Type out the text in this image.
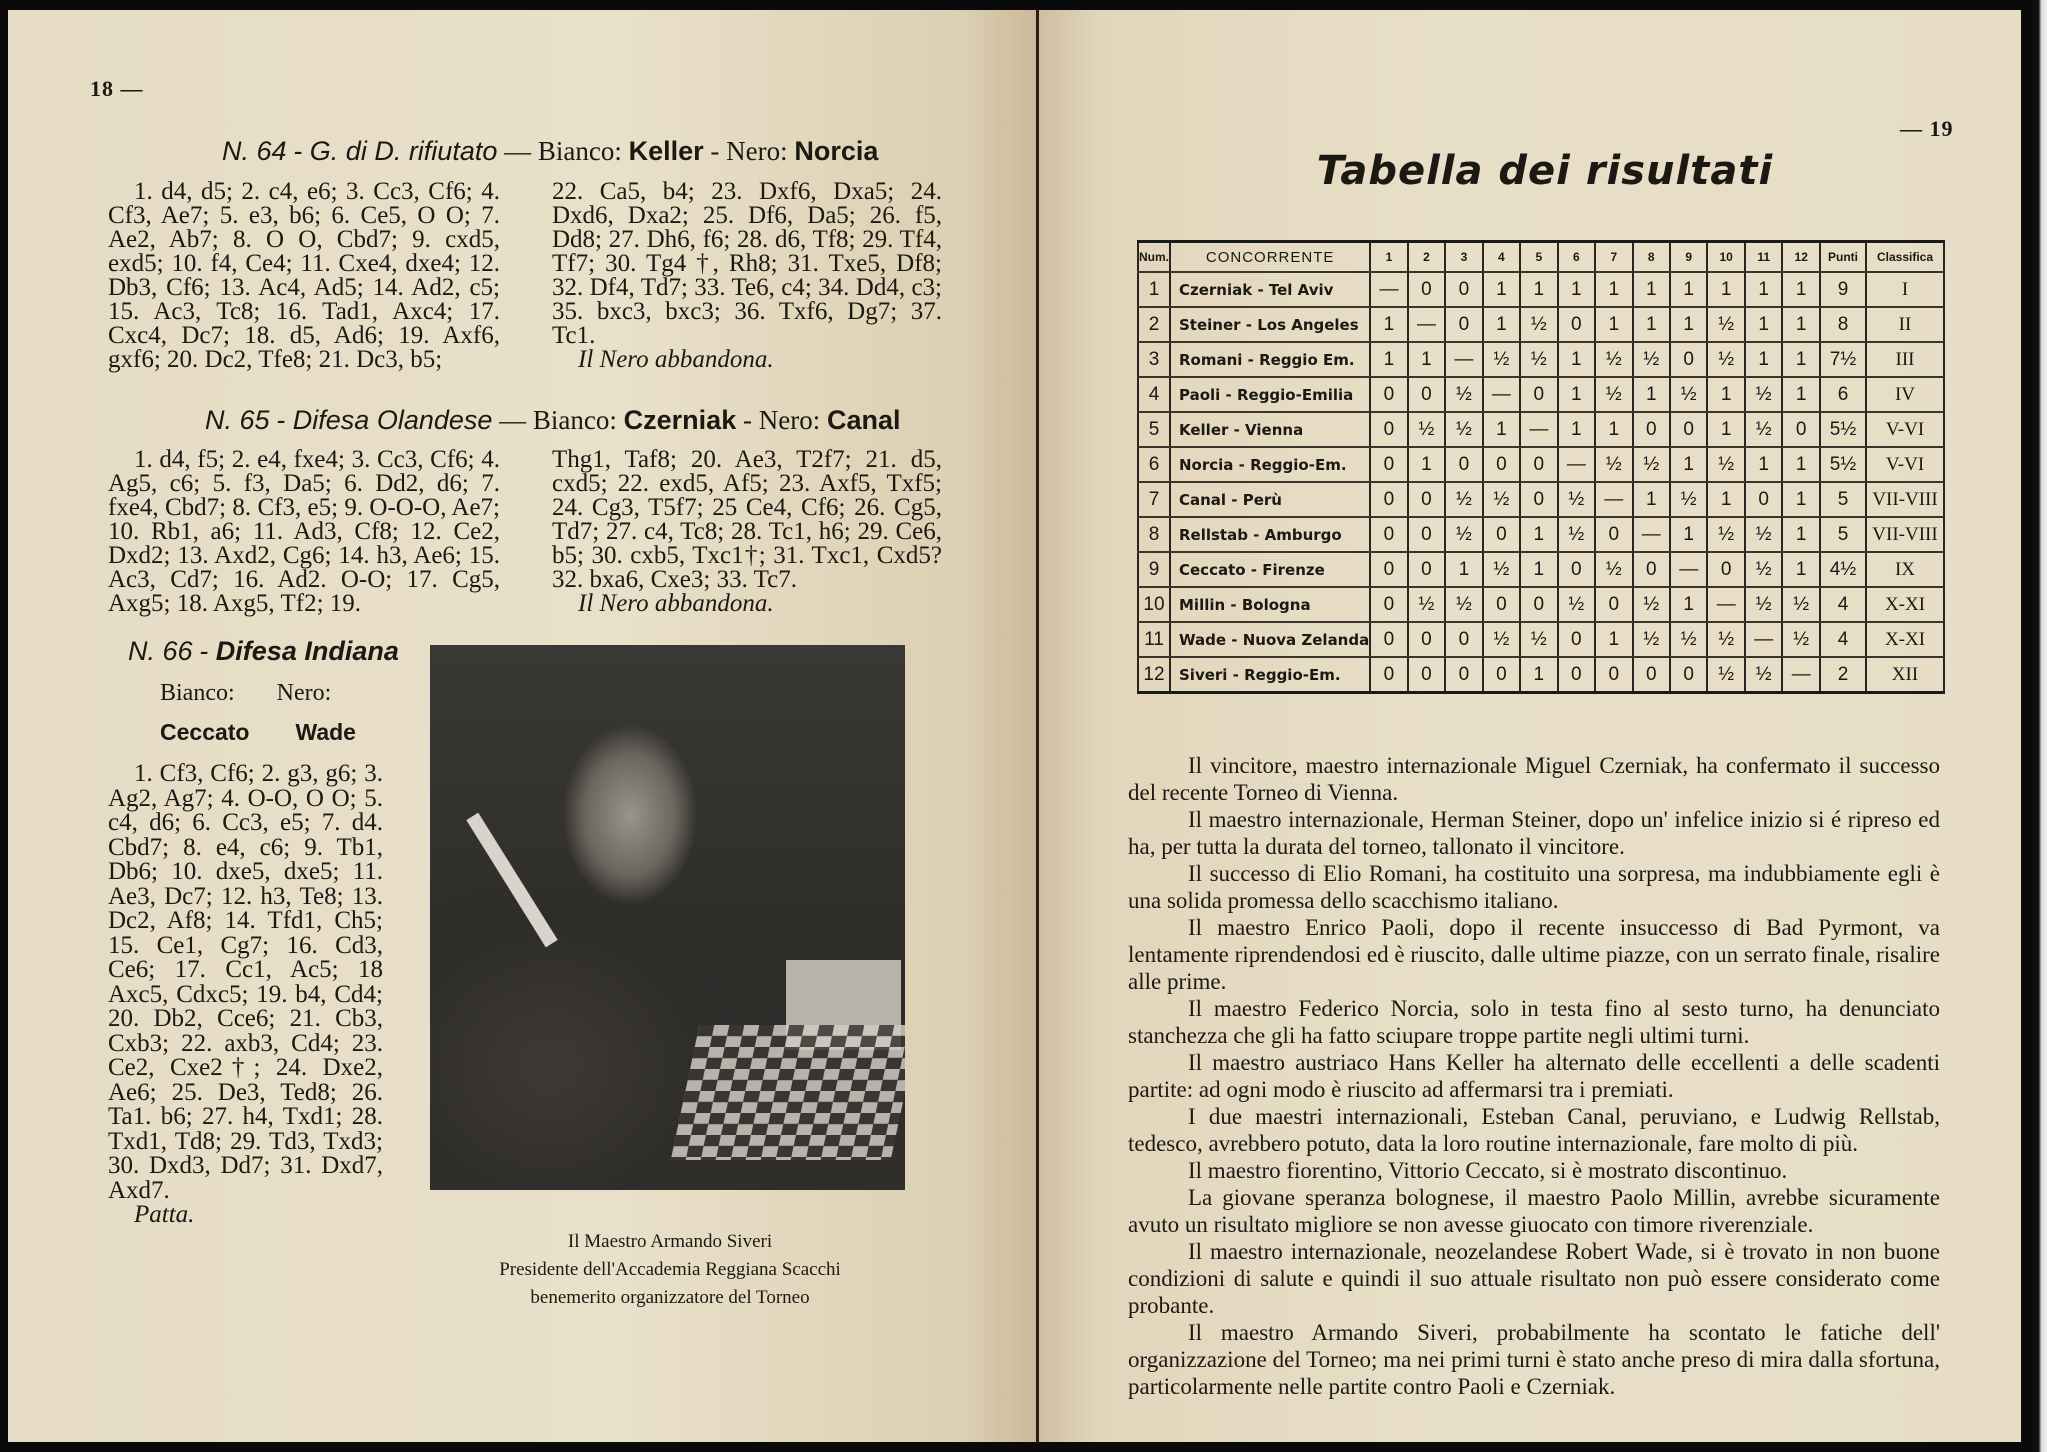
18 —
N. 64 - G. di D. rifiutato — Bianco: Keller - Nero: Norcia
1. d4, d5; 2. c4, e6; 3. Cc3, Cf6; 4. Cf3, Ae7; 5. e3, b6; 6. Ce5, O O; 7. Ae2, Ab7; 8. O O, Cbd7; 9. cxd5, exd5; 10. f4, Ce4; 11. Cxe4, dxe4; 12. Db3, Cf6; 13. Ac4, Ad5; 14. Ad2, c5; 15. Ac3, Tc8; 16. Tad1, Axc4; 17. Cxc4, Dc7; 18. d5, Ad6; 19. Axf6, gxf6; 20. Dc2, Tfe8; 21. Dc3, b5;
22. Ca5, b4; 23. Dxf6, Dxa5; 24. Dxd6, Dxa2; 25. Df6, Da5; 26. f5, Dd8; 27. Dh6, f6; 28. d6, Tf8; 29. Tf4, Tf7; 30. Tg4 †, Rh8; 31. Txe5, Df8; 32. Df4, Td7; 33. Te6, c4; 34. Dd4, c3; 35. bxc3, bxc3; 36. Txf6, Dg7; 37. Tc1.
Il Nero abbandona.
N. 65 - Difesa Olandese — Bianco: Czerniak - Nero: Canal
1. d4, f5; 2. e4, fxe4; 3. Cc3, Cf6; 4. Ag5, c6; 5. f3, Da5; 6. Dd2, d6; 7. fxe4, Cbd7; 8. Cf3, e5; 9. O-O-O, Ae7; 10. Rb1, a6; 11. Ad3, Cf8; 12. Ce2, Dxd2; 13. Axd2, Cg6; 14. h3, Ae6; 15. Ac3, Cd7; 16. Ad2. O-O; 17. Cg5, Axg5; 18. Axg5, Tf2; 19.
Thg1, Taf8; 20. Ae3, T2f7; 21. d5, cxd5; 22. exd5, Af5; 23. Axf5, Txf5; 24. Cg3, T5f7; 25 Ce4, Cf6; 26. Cg5, Td7; 27. c4, Tc8; 28. Tc1, h6; 29. Ce6, b5; 30. cxb5, Txc1†; 31. Txc1, Cxd5? 32. bxa6, Cxe3; 33. Tc7.
Il Nero abbandona.
N. 66 - Difesa Indiana
Bianco: Nero:
Ceccato Wade
1. Cf3, Cf6; 2. g3, g6; 3. Ag2, Ag7; 4. O-O, O O; 5. c4, d6; 6. Cc3, e5; 7. d4. Cbd7; 8. e4, c6; 9. Tb1, Db6; 10. dxe5, dxe5; 11. Ae3, Dc7; 12. h3, Te8; 13. Dc2, Af8; 14. Tfd1, Ch5; 15. Ce1, Cg7; 16. Cd3, Ce6; 17. Cc1, Ac5; 18 Axc5, Cdxc5; 19. b4, Cd4; 20. Db2, Cce6; 21. Cb3, Cxb3; 22. axb3, Cd4; 23. Ce2, Cxe2†; 24. Dxe2, Ae6; 25. De3, Ted8; 26. Ta1. b6; 27. h4, Txd1; 28. Txd1, Td8; 29. Td3, Txd3; 30. Dxd3, Dd7; 31. Dxd7, Axd7.
Patta.
Il Maestro Armando Siveri
Presidente dell'Accademia Reggiana Scacchi
benemerito organizzatore del Torneo
— 19
Tabella dei risultati
Num.	CONCORRENTE	1	2	3	4	5	6	7	8	9	10	11	12	Punti	Classifica
1	Czerniak - Tel Aviv	—	0	0	1	1	1	1	1	1	1	1	1	9	I
2	Steiner - Los Angeles	1	—	0	1	½	0	1	1	1	½	1	1	8	II
3	Romani - Reggio Em.	1	1	—	½	½	1	½	½	0	½	1	1	7½	III
4	Paoli - Reggio-Emilia	0	0	½	—	0	1	½	1	½	1	½	1	6	IV
5	Keller - Vienna	0	½	½	1	—	1	1	0	0	1	½	0	5½	V-VI
6	Norcia - Reggio-Em.	0	1	0	0	0	—	½	½	1	½	1	1	5½	V-VI
7	Canal - Perù	0	0	½	½	0	½	—	1	½	1	0	1	5	VII-VIII
8	Rellstab - Amburgo	0	0	½	0	1	½	0	—	1	½	½	1	5	VII-VIII
9	Ceccato - Firenze	0	0	1	½	1	0	½	0	—	0	½	1	4½	IX
10	Millin - Bologna	0	½	½	0	0	½	0	½	1	—	½	½	4	X-XI
11	Wade - Nuova Zelanda	0	0	0	½	½	0	1	½	½	½	—	½	4	X-XI
12	Siveri - Reggio-Em.	0	0	0	0	1	0	0	0	0	½	½	—	2	XII

Il vincitore, maestro internazionale Miguel Czerniak, ha confermato il successo del recente Torneo di Vienna.

Il maestro internazionale, Herman Steiner, dopo un' infelice inizio si é ripreso ed ha, per tutta la durata del torneo, tallonato il vincitore.

Il successo di Elio Romani, ha costituito una sorpresa, ma indubbiamente egli è una solida promessa dello scacchismo italiano.

Il maestro Enrico Paoli, dopo il recente insuccesso di Bad Pyrmont, va lentamente riprendendosi ed è riuscito, dalle ultime piazze, con un serrato finale, risalire alle prime.

Il maestro Federico Norcia, solo in testa fino al sesto turno, ha denunciato stanchezza che gli ha fatto sciupare troppe partite negli ultimi turni.

Il maestro austriaco Hans Keller ha alternato delle eccellenti a delle scadenti partite: ad ogni modo è riuscito ad affermarsi tra i premiati.

I due maestri internazionali, Esteban Canal, peruviano, e Ludwig Rellstab, tedesco, avrebbero potuto, data la loro routine internazionale, fare molto di più.

Il maestro fiorentino, Vittorio Ceccato, si è mostrato discontinuo.

La giovane speranza bolognese, il maestro Paolo Millin, avrebbe sicuramente avuto un risultato migliore se non avesse giuocato con timore riverenziale.

Il maestro internazionale, neozelandese Robert Wade, si è trovato in non buone condizioni di salute e quindi il suo attuale risultato non può essere considerato come probante.

Il maestro Armando Siveri, probabilmente ha scontato le fatiche dell' organizzazione del Torneo; ma nei primi turni è stato anche preso di mira dalla sfortuna, particolarmente nelle partite contro Paoli e Czerniak.
